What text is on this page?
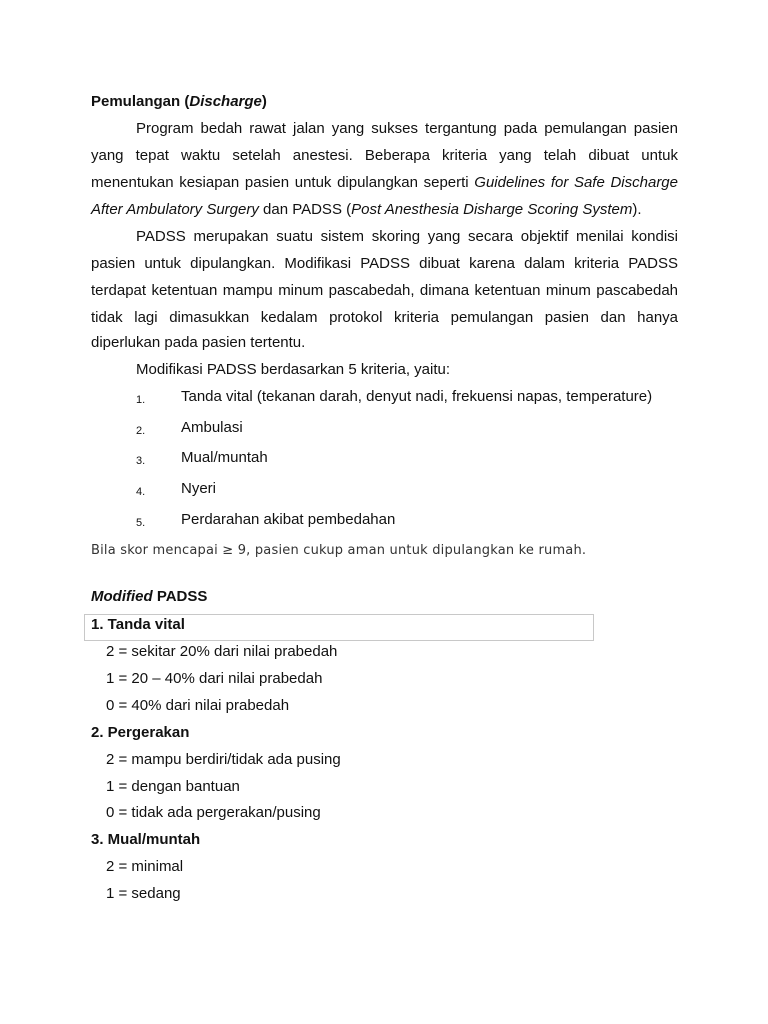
Pemulangan (Discharge)
Program bedah rawat jalan yang sukses tergantung pada pemulangan pasien
yang tepat waktu setelah anestesi. Beberapa kriteria yang telah dibuat untuk
menentukan kesiapan pasien untuk dipulangkan seperti Guidelines for Safe Discharge
After Ambulatory Surgery dan PADSS (Post Anesthesia Disharge Scoring System).
PADSS merupakan suatu sistem skoring yang secara objektif menilai kondisi
pasien untuk dipulangkan. Modifikasi PADSS dibuat karena dalam kriteria PADSS
terdapat ketentuan mampu minum pascabedah, dimana ketentuan minum pascabedah
tidak lagi dimasukkan kedalam protokol kriteria pemulangan pasien dan hanya
diperlukan pada pasien tertentu.
Modifikasi PADSS berdasarkan 5 kriteria, yaitu:
1. Tanda vital (tekanan darah, denyut nadi, frekuensi napas, temperature)
2. Ambulasi
3. Mual/muntah
4. Nyeri
5. Perdarahan akibat pembedahan
Bila skor mencapai ≥ 9, pasien cukup aman untuk dipulangkan ke rumah.
Modified PADSS
1. Tanda vital
2 = sekitar 20% dari nilai prabedah
1 = 20 – 40% dari nilai prabedah
0 = 40% dari nilai prabedah
2. Pergerakan
2 = mampu berdiri/tidak ada pusing
1 = dengan bantuan
0 = tidak ada pergerakan/pusing
3. Mual/muntah
2 = minimal
1 = sedang
